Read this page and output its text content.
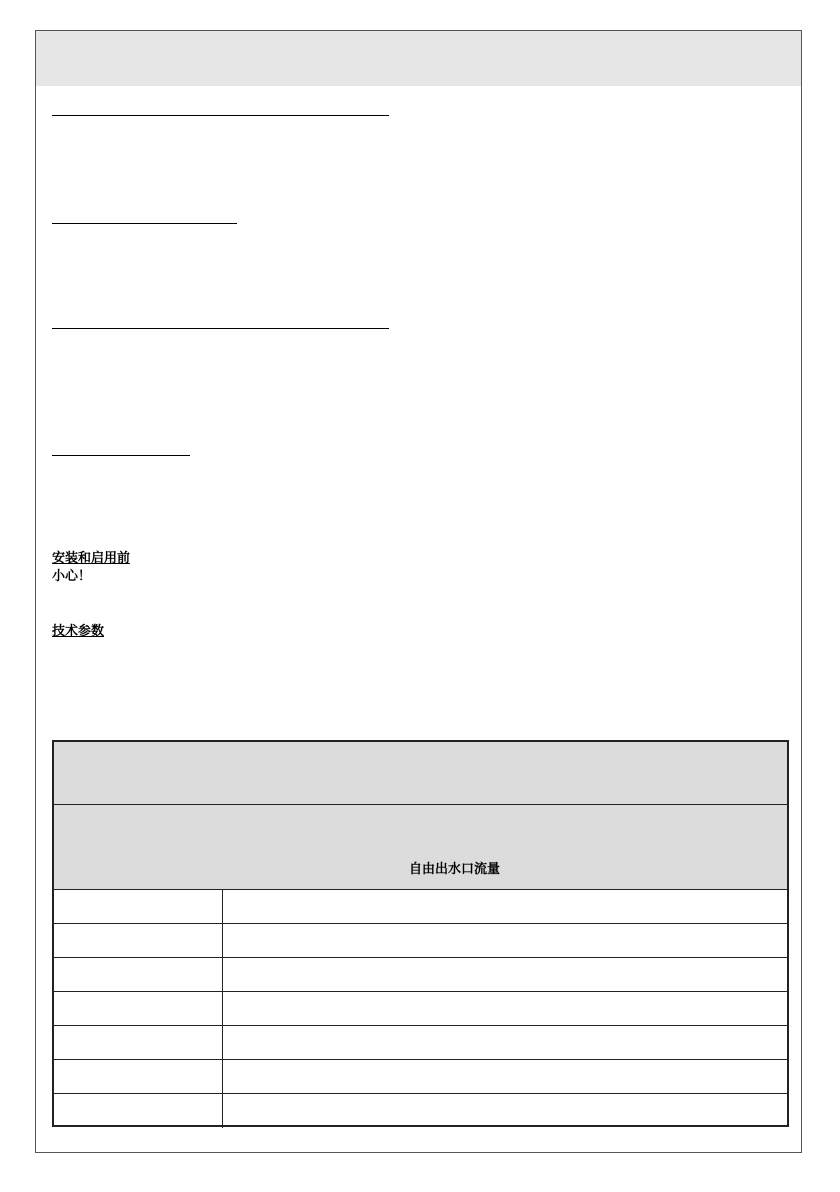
安装和启用前
小心！
技术参数
自由出水口流量
